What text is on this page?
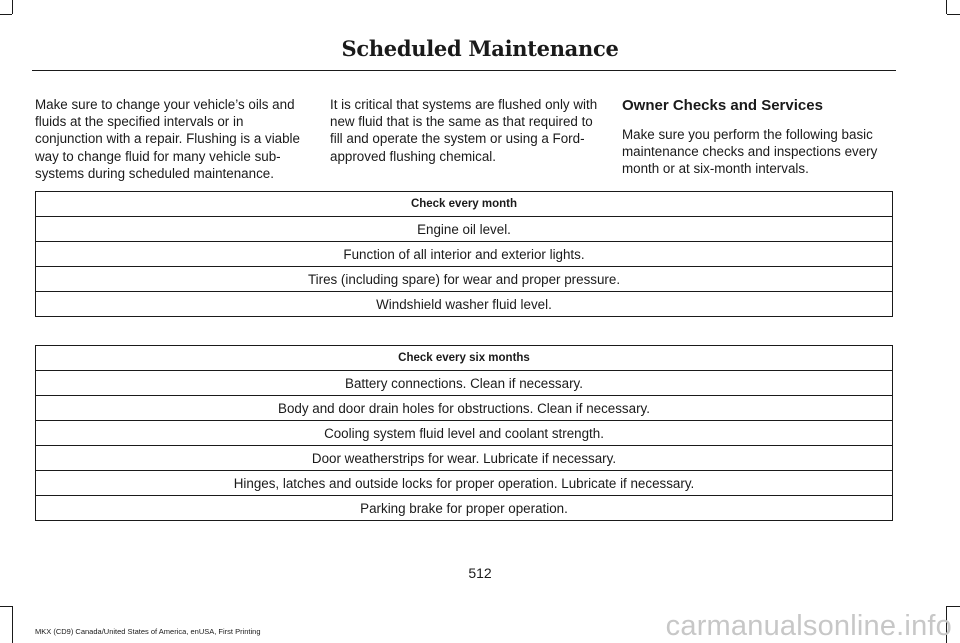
Scheduled Maintenance

Make sure to change your vehicle’s oils and fluids at the specified intervals or in conjunction with a repair. Flushing is a viable way to change fluid for many vehicle sub-systems during scheduled maintenance.

It is critical that systems are flushed only with new fluid that is the same as that required to fill and operate the system or using a Ford-approved flushing chemical.

Owner Checks and Services

Make sure you perform the following basic maintenance checks and inspections every month or at six-month intervals.

Check every month
Engine oil level.
Function of all interior and exterior lights.
Tires (including spare) for wear and proper pressure.
Windshield washer fluid level.
Check every six months
Battery connections. Clean if necessary.
Body and door drain holes for obstructions. Clean if necessary.
Cooling system fluid level and coolant strength.
Door weatherstrips for wear. Lubricate if necessary.
Hinges, latches and outside locks for proper operation. Lubricate if necessary.
Parking brake for proper operation.
512
MKX (CD9) Canada/United States of America, enUSA, First Printing	carmanualsonline.info
